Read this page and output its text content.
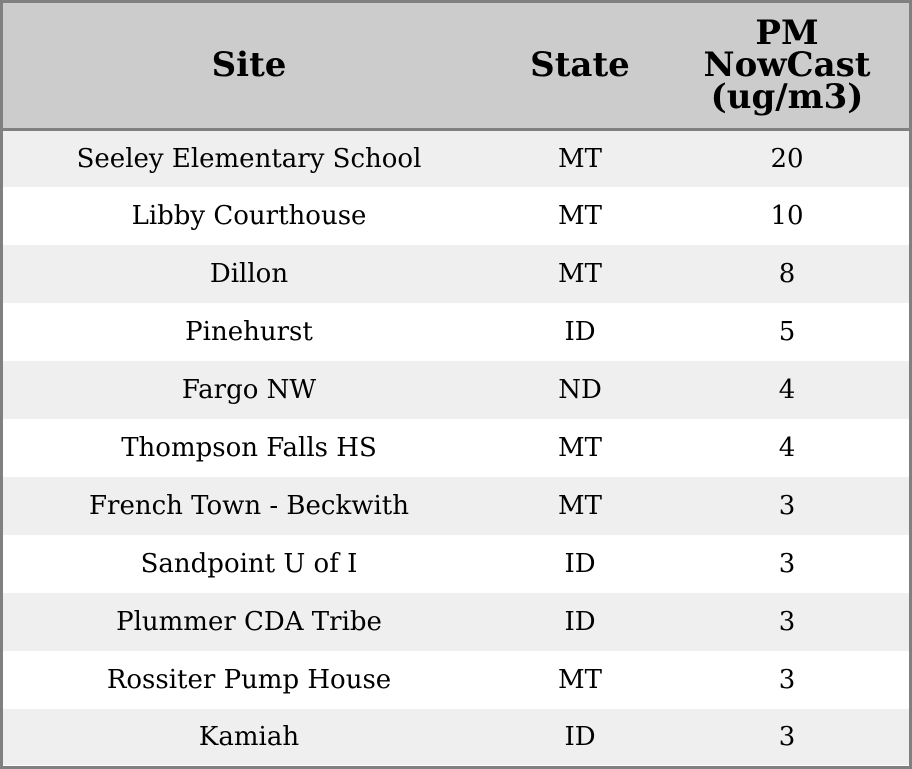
Site	State	PM
NowCast
(ug/m3)

Seeley Elementary School	MT	20
Libby Courthouse	MT	10
Dillon	MT	8
Pinehurst	ID	5
Fargo NW	ND	4
Thompson Falls HS	MT	4
French Town - Beckwith	MT	3
Sandpoint U of I	ID	3
Plummer CDA Tribe	ID	3
Rossiter Pump House	MT	3
Kamiah	ID	3
